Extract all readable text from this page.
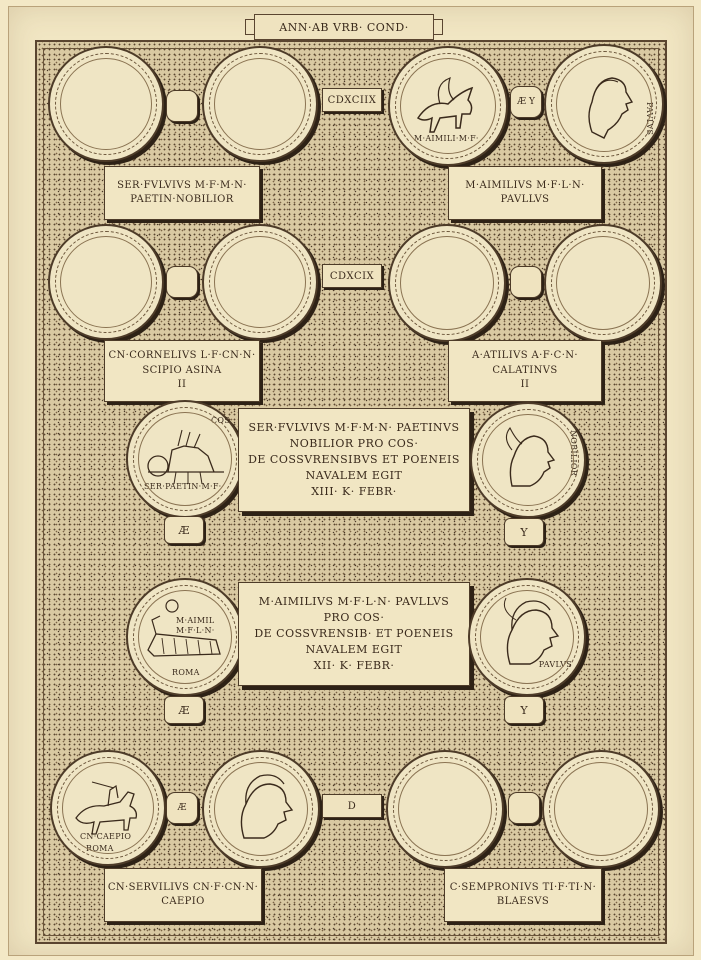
ANN·AB VRB· COND·
CDXCIIX
M·AIMILI·M·F·
Æ Y	PAVLVS
SER·FVLVIVS M·F·M·N·
PAETIN·NOBILIOR
M·AIMILIVS M·F·L·N·
PAVLLVS
CDXCIX
CN·CORNELIVS L·F·CN·N·
SCIPIO ASINA
II
A·ATILIVS A·F·C·N·
CALATINVS
II
COS
SER·PAETIN·M·F·
Æ
SER·FVLVIVS M·F·M·N· PAETINVS
NOBILIOR PRO COS·
DE COSSVRENSIBVS ET POENEIS
NAVALEM EGIT
XIII· K· FEBR·
NOBILIOR
Y
M·AIMIL M·F·L·N·
ROMA
Æ
M·AIMILIVS M·F·L·N· PAVLLVS
PRO COS·
DE COSSVRENSIB· ET POENEIS
NAVALEM EGIT
XII· K· FEBR·	PAVLVS
Y
CN·CAEPIO
ROMA
Æ	D
CN·SERVILIVS CN·F·CN·N·
CAEPIO
C·SEMPRONIVS TI·F·TI·N·
BLAESVS
